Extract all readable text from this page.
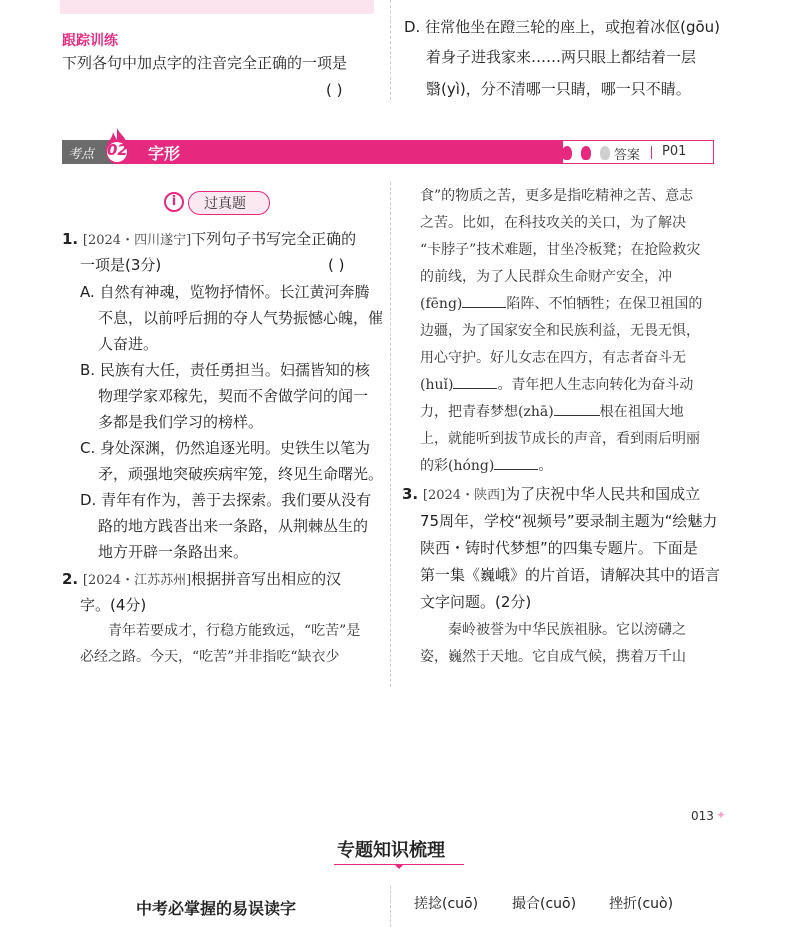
跟踪训练
下列各句中加点字的注音完全正确的一项是
( )
D. 往常他坐在蹬三轮的座上，或抱着冰伛(gōu)
着身子进我家来……两只眼上都结着一层
翳(yì)，分不清哪一只睛，哪一只不睛。
考点 02 字形
	答案 P01
i	过真题
1. [2024・四川遂宁]下列句子书写完全正确的
一项是(3分)	( )
A. 自然有神魂，览物抒情怀。长江黄河奔腾
不息，以前呼后拥的夺人气势振憾心魄，催
人奋进。
B. 民族有大任，责任勇担当。妇孺皆知的核
物理学家邓稼先，契而不舍做学问的闻一
多都是我们学习的榜样。
C. 身处深渊，仍然追逐光明。史铁生以笔为
矛，顽强地突破疾病牢笼，终见生命曙光。
D. 青年有作为，善于去探索。我们要从没有
路的地方践沓出来一条路，从荆棘丛生的
地方开辟一条路出来。
2. [2024・江苏苏州]根据拼音写出相应的汉
字。(4分)
　　青年若要成才，行稳方能致远，“吃苦”是
必经之路。今天，“吃苦”并非指吃“缺衣少
食”的物质之苦，更多是指吃精神之苦、意志
之苦。比如，在科技攻关的关口，为了解决
“卡脖子”技术难题，甘坐冷板凳；在抢险救灾
的前线，为了人民群众生命财产安全，冲
(fēng)	陷阵、不怕牺牲；在保卫祖国的
边疆，为了国家安全和民族利益，无畏无惧，
用心守护。好儿女志在四方，有志者奋斗无
(huǐ)	。青年把人生志向转化为奋斗动
力，把青春梦想(zhā)	根在祖国大地
上，就能听到拔节成长的声音，看到雨后明丽
的彩(hóng)	。
3. [2024・陕西]为了庆祝中华人民共和国成立
75周年，学校“视频号”要录制主题为“绘魅力
陕西・铸时代梦想”的四集专题片。下面是
第一集《巍峨》的片首语，请解决其中的语言
文字问题。(2分)
　　秦岭被誉为中华民族祖脉。它以滂礴之
姿，巍然于天地。它自成气候，携着万千山
013 ✦
专题知识梳理
中考必掌握的易误读字	搓捻(cuō) 撮合(cuō) 挫折(cuò)
